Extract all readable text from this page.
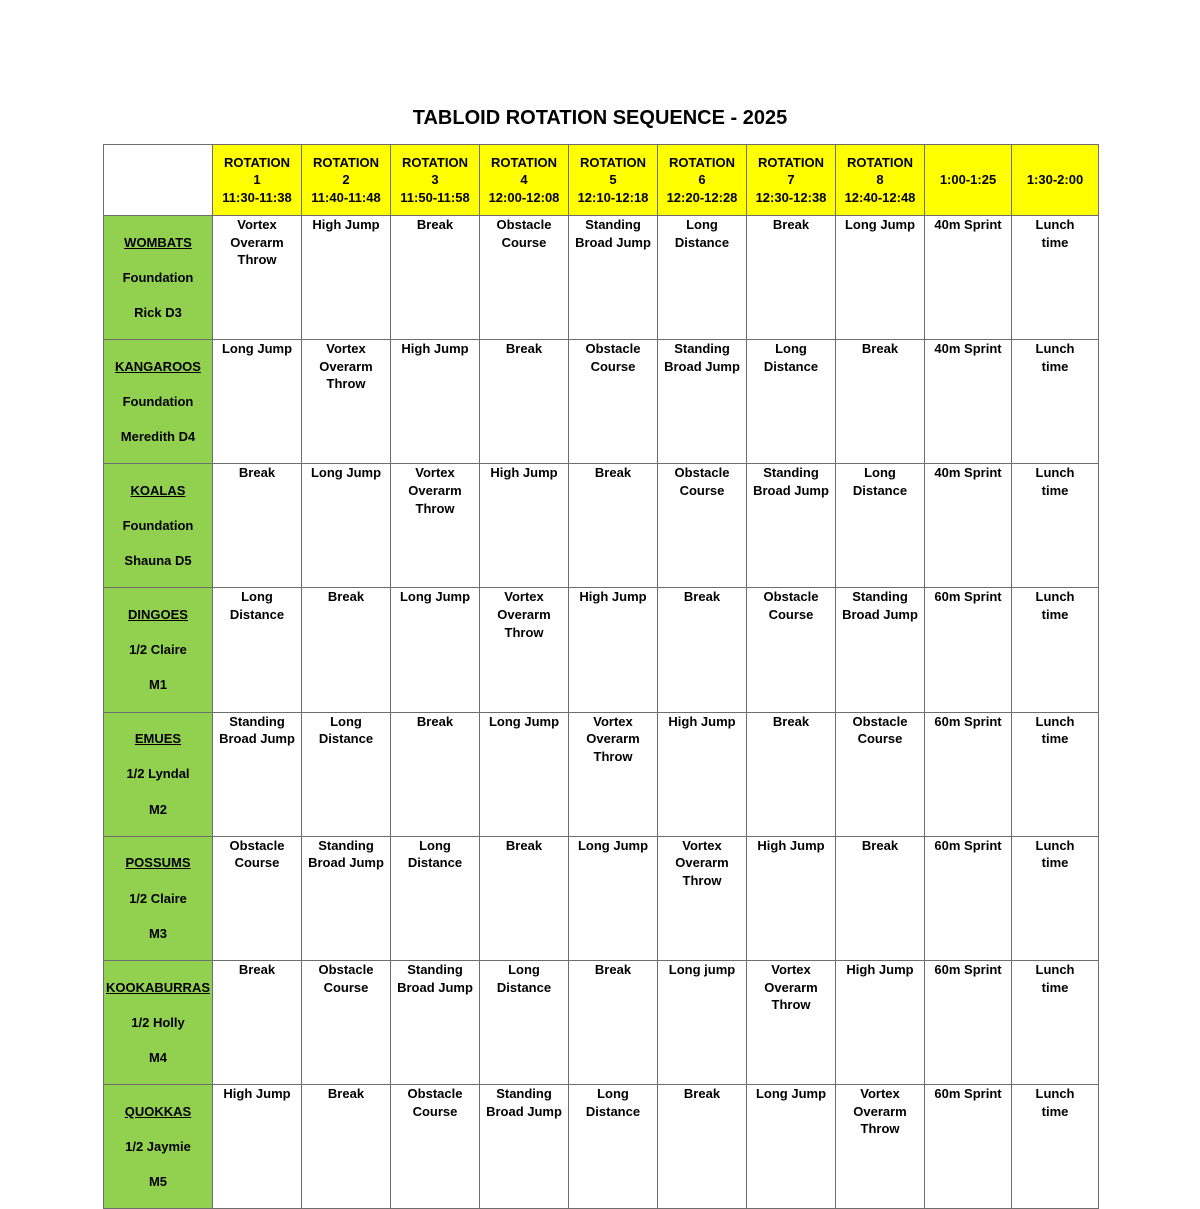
TABLOID ROTATION SEQUENCE - 2025
	ROTATION
1
11:30-11:38	ROTATION
2
11:40-11:48	ROTATION
3
11:50-11:58	ROTATION
4
12:00-12:08	ROTATION
5
12:10-12:18	ROTATION
6
12:20-12:28	ROTATION
7
12:30-12:38	ROTATION
8
12:40-12:48	1:00-1:25	1:30-2:00

WOMBATS

Foundation

Rick D3	Vortex
Overarm
Throw	High Jump	Break	Obstacle
Course	Standing
Broad Jump	Long
Distance	Break	Long Jump	40m Sprint	Lunch
time

KANGAROOS

Foundation

Meredith D4	Long Jump	Vortex
Overarm
Throw	High Jump	Break	Obstacle
Course	Standing
Broad Jump	Long
Distance	Break	40m Sprint	Lunch
time

KOALAS

Foundation

Shauna D5	Break	Long Jump	Vortex
Overarm
Throw	High Jump	Break	Obstacle
Course	Standing
Broad Jump	Long
Distance	40m Sprint	Lunch
time

DINGOES

1/2 Claire

M1	Long
Distance	Break	Long Jump	Vortex
Overarm
Throw	High Jump	Break	Obstacle
Course	Standing
Broad Jump	60m Sprint	Lunch
time

EMUES

1/2 Lyndal

M2	Standing
Broad Jump	Long
Distance	Break	Long Jump	Vortex
Overarm
Throw	High Jump	Break	Obstacle
Course	60m Sprint	Lunch
time

POSSUMS

1/2 Claire

M3	Obstacle
Course	Standing
Broad Jump	Long
Distance	Break	Long Jump	Vortex
Overarm
Throw	High Jump	Break	60m Sprint	Lunch
time

KOOKABURRAS

1/2 Holly

M4	Break	Obstacle
Course	Standing
Broad Jump	Long
Distance	Break	Long jump	Vortex
Overarm
Throw	High Jump	60m Sprint	Lunch
time

QUOKKAS

1/2 Jaymie

M5	High Jump	Break	Obstacle
Course	Standing
Broad Jump	Long
Distance	Break	Long Jump	Vortex
Overarm
Throw	60m Sprint	Lunch
time
